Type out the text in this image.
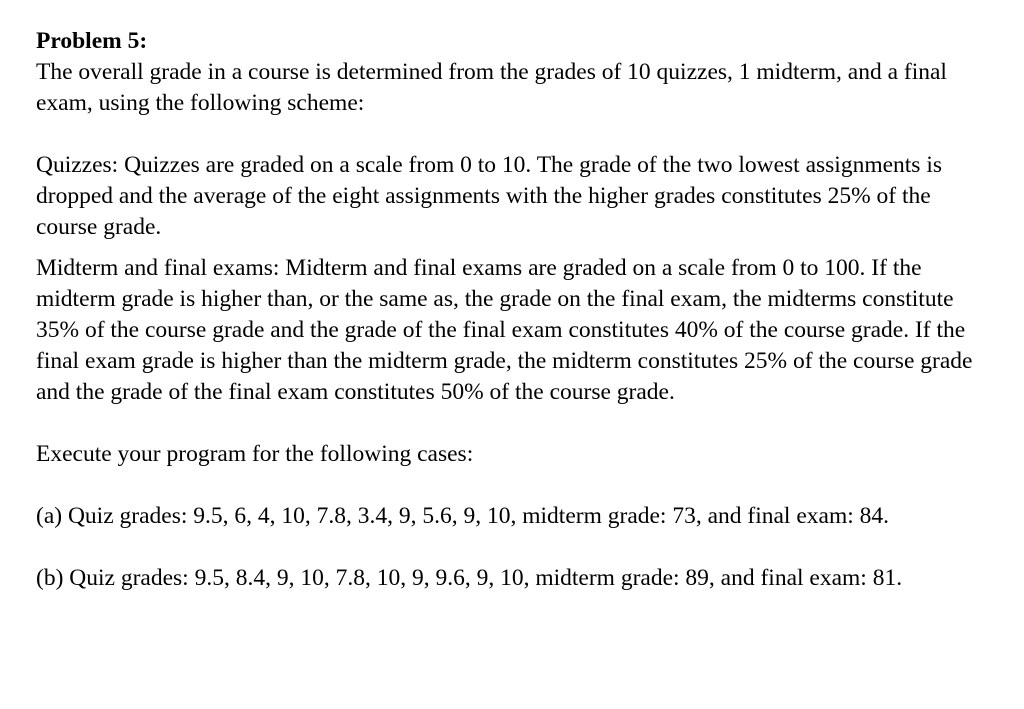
Problem 5:

The overall grade in a course is determined from the grades of 10 quizzes, 1 midterm, and a final exam, using the following scheme:

Quizzes: Quizzes are graded on a scale from 0 to 10. The grade of the two lowest assignments is dropped and the average of the eight assignments with the higher grades constitutes 25% of the course grade.

Midterm and final exams: Midterm and final exams are graded on a scale from 0 to 100. If the midterm grade is higher than, or the same as, the grade on the final exam, the midterms constitute 35% of the course grade and the grade of the final exam constitutes 40% of the course grade. If the final exam grade is higher than the midterm grade, the midterm constitutes 25% of the course grade and the grade of the final exam constitutes 50% of the course grade.

Execute your program for the following cases:

(a) Quiz grades: 9.5, 6, 4, 10, 7.8, 3.4, 9, 5.6, 9, 10, midterm grade: 73, and final exam: 84.

(b) Quiz grades: 9.5, 8.4, 9, 10, 7.8, 10, 9, 9.6, 9, 10, midterm grade: 89, and final exam: 81.
